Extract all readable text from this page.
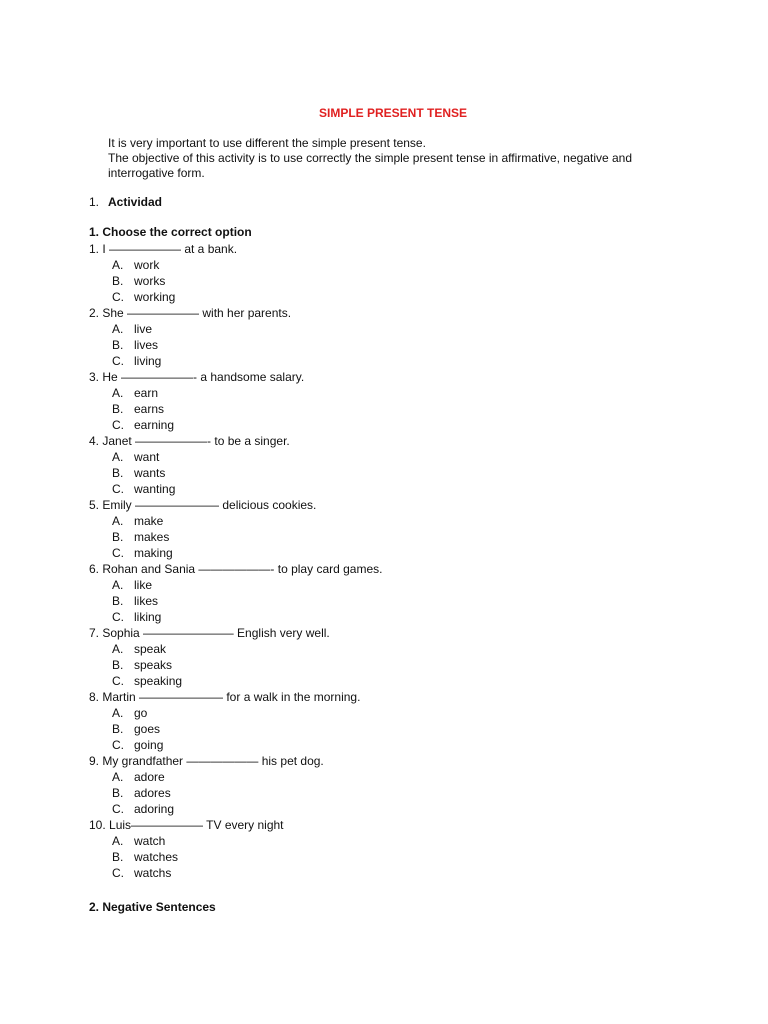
SIMPLE PRESENT TENSE
It is very important to use different the simple present tense.
The objective of this activity is to use correctly the simple present tense in affirmative, negative and interrogative form.
1. Actividad
1. Choose the correct option
1. I —————— at a bank.
A. work
B. works
C. working
2. She —————— with her parents.
A. live
B. lives
C. living
3. He ——————- a handsome salary.
A. earn
B. earns
C. earning
4. Janet ——————- to be a singer.
A. want
B. wants
C. wanting
5. Emily ——————— delicious cookies.
A. make
B. makes
C. making
6. Rohan and Sania ——————- to play card games.
A. like
B. likes
C. liking
7. Sophia ———————– English very well.
A. speak
B. speaks
C. speaking
8. Martin ——————— for a walk in the morning.
A. go
B. goes
C. going
9. My grandfather —————— his pet dog.
A. adore
B. adores
C. adoring
10. Luis—————— TV every night
A. watch
B. watches
C. watchs
2. Negative Sentences
